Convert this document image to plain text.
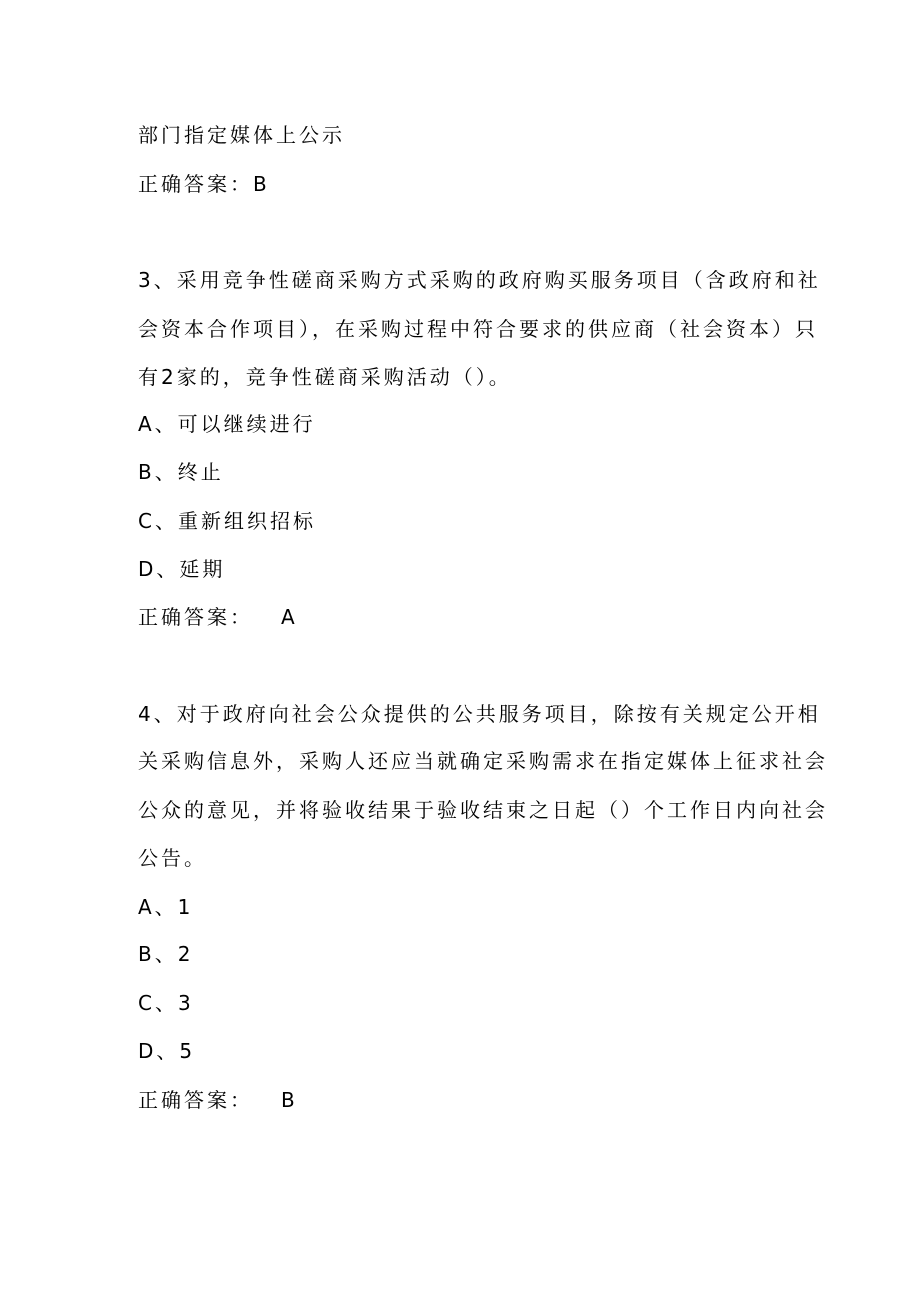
部门指定媒体上公示

正确答案：B

3、采用竞争性磋商采购方式采购的政府购买服务项目（含政府和社

会资本合作项目），在采购过程中符合要求的供应商（社会资本）只

有2家的，竞争性磋商采购活动（）。

A、可以继续进行

B、终止

C、重新组织招标

D、延期

正确答案： A

4、对于政府向社会公众提供的公共服务项目，除按有关规定公开相

关采购信息外，采购人还应当就确定采购需求在指定媒体上征求社会

公众的意见，并将验收结果于验收结束之日起（）个工作日内向社会

公告。

A、1

B、2

C、3

D、5

正确答案： B
